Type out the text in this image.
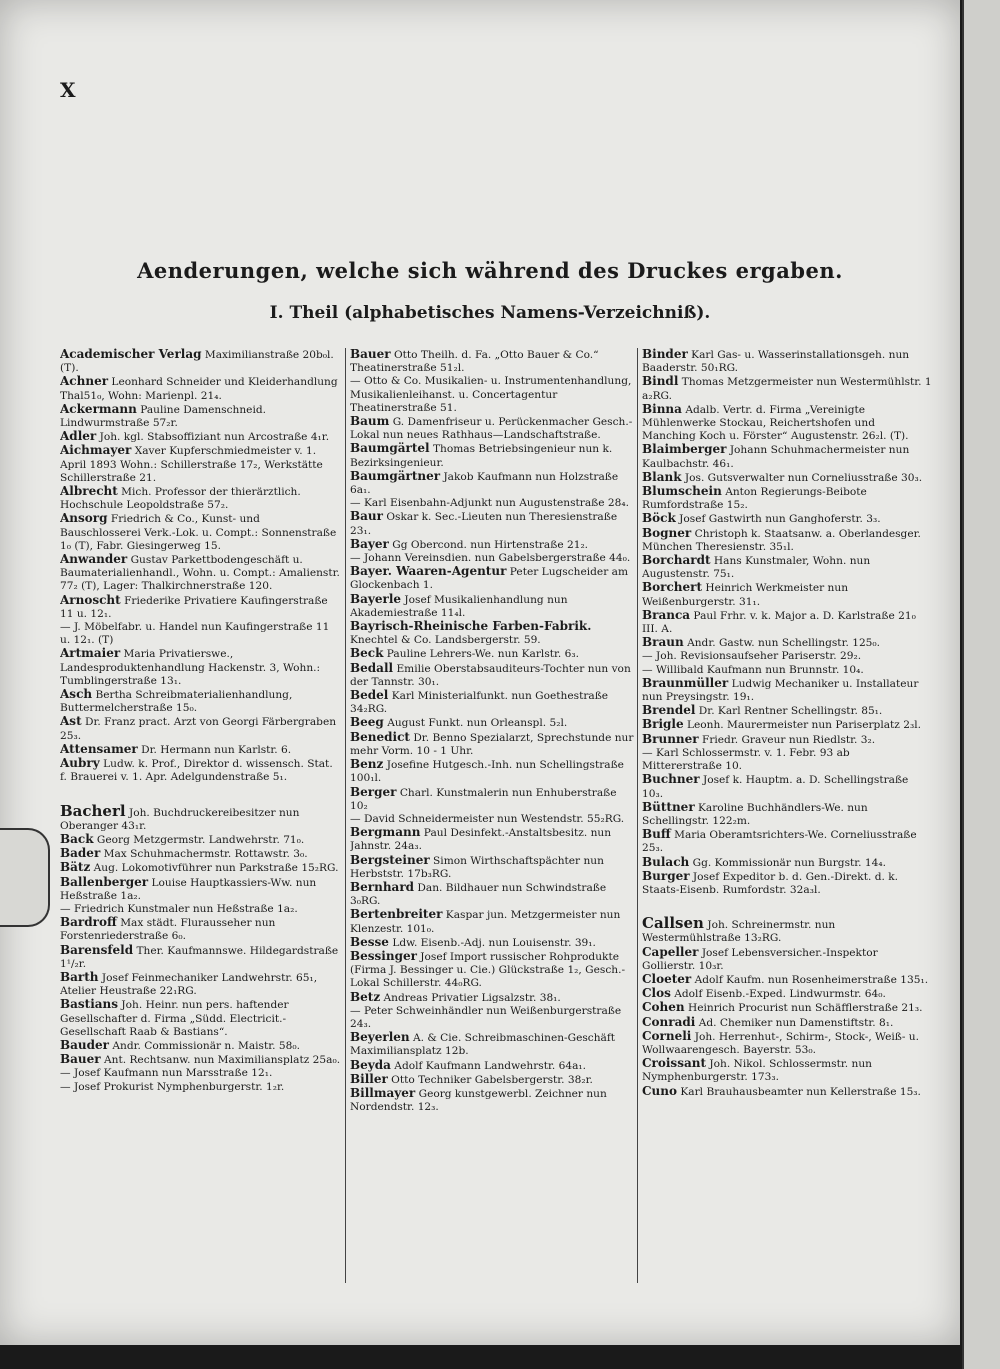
X
Aenderungen, welche sich während des Druckes ergaben.
I. Theil (alphabetisches Namens-Verzeichniß).

Academischer Verlag Maximilianstraße 20b₀l. (T).

Achner Leonhard Schneider und Kleiderhandlung Thal51₀, Wohn: Marienpl. 21₄.

Ackermann Pauline Damenschneid. Lindwurmstraße 57₂r.

Adler Joh. kgl. Stabsoffiziant nun Arcostraße 4₁r.

Aichmayer Xaver Kupferschmiedmeister v. 1. April 1893 Wohn.: Schillerstraße 17₂, Werkstätte Schillerstraße 21.

Albrecht Mich. Professor der thierärztlich. Hochschule Leopoldstraße 57₂.

Ansorg Friedrich & Co., Kunst- und Bauschlosserei Verk.-Lok. u. Compt.: Sonnenstraße 1₀ (T), Fabr. Giesingerweg 15.

Anwander Gustav Parkettbodengeschäft u. Baumaterialienhandl., Wohn. u. Compt.: Amalienstr. 77₂ (T), Lager: Thalkirchnerstraße 120.

Arnoscht Friederike Privatiere Kaufingerstraße 11 u. 12₁.

— J. Möbelfabr. u. Handel nun Kaufingerstraße 11 u. 12₁. (T)

Artmaier Maria Privatierswe., Landesproduktenhandlung Hackenstr. 3, Wohn.: Tumblingerstraße 13₁.

Asch Bertha Schreibmaterialienhandlung, Buttermelcherstraße 15₀.

Ast Dr. Franz pract. Arzt von Georgi Färbergraben 25₃.

Attensamer Dr. Hermann nun Karlstr. 6.

Aubry Ludw. k. Prof., Direktor d. wissensch. Stat. f. Brauerei v. 1. Apr. Adelgundenstraße 5₁.

Bacherl Joh. Buchdruckereibesitzer nun Oberanger 43₁r.

Back Georg Metzgermstr. Landwehrstr. 71₀.

Bader Max Schuhmachermstr. Rottawstr. 3₀.

Bätz Aug. Lokomotivführer nun Parkstraße 15₂RG.

Ballenberger Louise Hauptkassiers-Ww. nun Heßstraße 1a₂.

— Friedrich Kunstmaler nun Heßstraße 1a₂.

Bardroff Max städt. Flurausseher nun Forstenriederstraße 6₀.

Barensfeld Ther. Kaufmannswe. Hildegardstraße 1¹/₂r.

Barth Josef Feinmechaniker Landwehrstr. 65₁, Atelier Heustraße 22₁RG.

Bastians Joh. Heinr. nun pers. haftender Gesellschafter d. Firma „Südd. Electricit.-Gesellschaft Raab & Bastians“.

Bauder Andr. Commissionär n. Maistr. 58₀.

Bauer Ant. Rechtsanw. nun Maximiliansplatz 25a₀.

— Josef Kaufmann nun Marsstraße 12₁.

— Josef Prokurist Nymphenburgerstr. 1₂r.

Bauer Otto Theilh. d. Fa. „Otto Bauer & Co.“ Theatinerstraße 51₂l.

— Otto & Co. Musikalien- u. Instrumentenhandlung, Musikalienleihanst. u. Concertagentur Theatinerstraße 51.

Baum G. Damenfriseur u. Perückenmacher Gesch.-Lokal nun neues Rathhaus—Landschaftstraße.

Baumgärtel Thomas Betriebsingenieur nun k. Bezirksingenieur.

Baumgärtner Jakob Kaufmann nun Holzstraße 6a₁.

— Karl Eisenbahn-Adjunkt nun Augustenstraße 28₄.

Baur Oskar k. Sec.-Lieuten nun Theresienstraße 23₁.

Bayer Gg Obercond. nun Hirtenstraße 21₂.

— Johann Vereinsdien. nun Gabelsbergerstraße 44₀.

Bayer. Waaren-Agentur Peter Lugscheider am Glockenbach 1.

Bayerle Josef Musikalienhandlung nun Akademiestraße 11₄l.

Bayrisch-Rheinische Farben-Fabrik. Knechtel & Co. Landsbergerstr. 59.

Beck Pauline Lehrers-We. nun Karlstr. 6₃.

Bedall Emilie Oberstabsauditeurs-Tochter nun von der Tannstr. 30₁.

Bedel Karl Ministerialfunkt. nun Goethestraße 34₂RG.

Beeg August Funkt. nun Orleanspl. 5₂l.

Benedict Dr. Benno Spezialarzt, Sprechstunde nur mehr Vorm. 10 - 1 Uhr.

Benz Josefine Hutgesch.-Inh. nun Schellingstraße 100₁l.

Berger Charl. Kunstmalerin nun Enhuberstraße 10₂

— David Schneidermeister nun Westendstr. 55₂RG.

Bergmann Paul Desinfekt.-Anstaltsbesitz. nun Jahnstr. 24a₃.

Bergsteiner Simon Wirthschaftspächter nun Herbststr. 17b₃RG.

Bernhard Dan. Bildhauer nun Schwindstraße 3₀RG.

Bertenbreiter Kaspar jun. Metzgermeister nun Klenzestr. 101₀.

Besse Ldw. Eisenb.-Adj. nun Louisenstr. 39₁.

Bessinger Josef Import russischer Rohprodukte (Firma J. Bessinger u. Cie.) Glückstraße 1₂, Gesch.-Lokal Schillerstr. 44₀RG.

Betz Andreas Privatier Ligsalzstr. 38₁.

— Peter Schweinhändler nun Weißenburgerstraße 24₃.

Beyerlen A. & Cie. Schreibmaschinen-Geschäft Maximiliansplatz 12b.

Beyda Adolf Kaufmann Landwehrstr. 64a₁.

Biller Otto Techniker Gabelsbergerstr. 38₂r.

Billmayer Georg kunstgewerbl. Zeichner nun Nordendstr. 12₃.

Binder Karl Gas- u. Wasserinstallationsgeh. nun Baaderstr. 50₁RG.

Bindl Thomas Metzgermeister nun Westermühlstr. 1 a₂RG.

Binna Adalb. Vertr. d. Firma „Vereinigte Mühlenwerke Stockau, Reichertshofen und Manching Koch u. Förster“ Augustenstr. 26₂l. (T).

Blaimberger Johann Schuhmachermeister nun Kaulbachstr. 46₁.

Blank Jos. Gutsverwalter nun Corneliusstraße 30₃.

Blumschein Anton Regierungs-Beibote Rumfordstraße 15₂.

Böck Josef Gastwirth nun Ganghoferstr. 3₃.

Bogner Christoph k. Staatsanw. a. Oberlandesger. München Theresienstr. 35₁l.

Borchardt Hans Kunstmaler, Wohn. nun Augustenstr. 75₁.

Borchert Heinrich Werkmeister nun Weißenburgerstr. 31₁.

Branca Paul Frhr. v. k. Major a. D. Karlstraße 21₀ III. A.

Braun Andr. Gastw. nun Schellingstr. 125₀.

— Joh. Revisionsaufseher Pariserstr. 29₂.

— Willibald Kaufmann nun Brunnstr. 10₄.

Braunmüller Ludwig Mechaniker u. Installateur nun Preysingstr. 19₁.

Brendel Dr. Karl Rentner Schellingstr. 85₁.

Brigle Leonh. Maurermeister nun Pariserplatz 2₃l.

Brunner Friedr. Graveur nun Riedlstr. 3₂.

— Karl Schlossermstr. v. 1. Febr. 93 ab Mittererstraße 10.

Buchner Josef k. Hauptm. a. D. Schellingstraße 10₃.

Büttner Karoline Buchhändlers-We. nun Schellingstr. 122₂m.

Buff Maria Oberamtsrichters-We. Corneliusstraße 25₃.

Bulach Gg. Kommissionär nun Burgstr. 14₄.

Burger Josef Expeditor b. d. Gen.-Direkt. d. k. Staats-Eisenb. Rumfordstr. 32a₃l.

Callsen Joh. Schreinermstr. nun Westermühlstraße 13₂RG.

Capeller Josef Lebensversicher.-Inspektor Gollierstr. 10₃r.

Cloeter Adolf Kaufm. nun Rosenheimerstraße 135₁.

Clos Adolf Eisenb.-Exped. Lindwurmstr. 64₀.

Cohen Heinrich Procurist nun Schäfflerstraße 21₃.

Conradi Ad. Chemiker nun Damenstiftstr. 8₁.

Corneli Joh. Herrenhut-, Schirm-, Stock-, Weiß- u. Wollwaarengesch. Bayerstr. 53₀.

Croissant Joh. Nikol. Schlossermstr. nun Nymphenburgerstr. 173₃.

Cuno Karl Brauhausbeamter nun Kellerstraße 15₃.
